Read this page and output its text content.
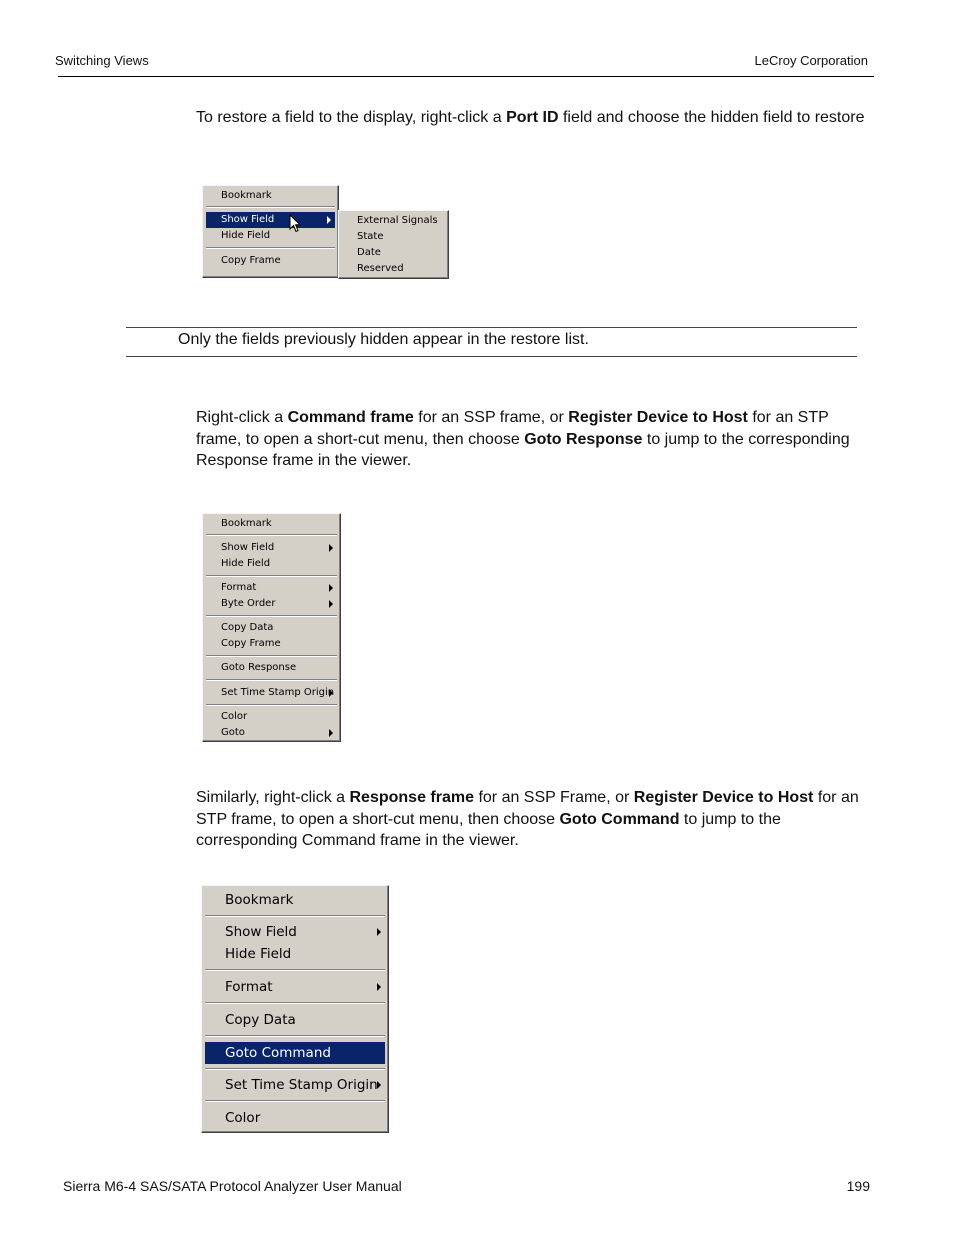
Switching Views	LeCroy Corporation
To restore a field to the display, right-click a Port ID field and choose the hidden field to restore
Bookmark
Show Field
Hide Field
Copy Frame
External Signals
State
Date
Reserved
Only the fields previously hidden appear in the restore list.
Right-click a Command frame for an SSP frame, or Register Device to Host for an STP frame, to open a short-cut menu, then choose Goto Response to jump to the corresponding Response frame in the viewer.
Bookmark
Show Field
Hide Field
Format
Byte Order
Copy Data
Copy Frame
Goto Response
Set Time Stamp Origin
Color
Goto
Similarly, right-click a Response frame for an SSP Frame, or Register Device to Host for an STP frame, to open a short-cut menu, then choose Goto Command to jump to the corresponding Command frame in the viewer.
Bookmark
Show Field
Hide Field
Format
Copy Data
Goto Command
Set Time Stamp Origin
Color
Sierra M6-4 SAS/SATA Protocol Analyzer User Manual	199
